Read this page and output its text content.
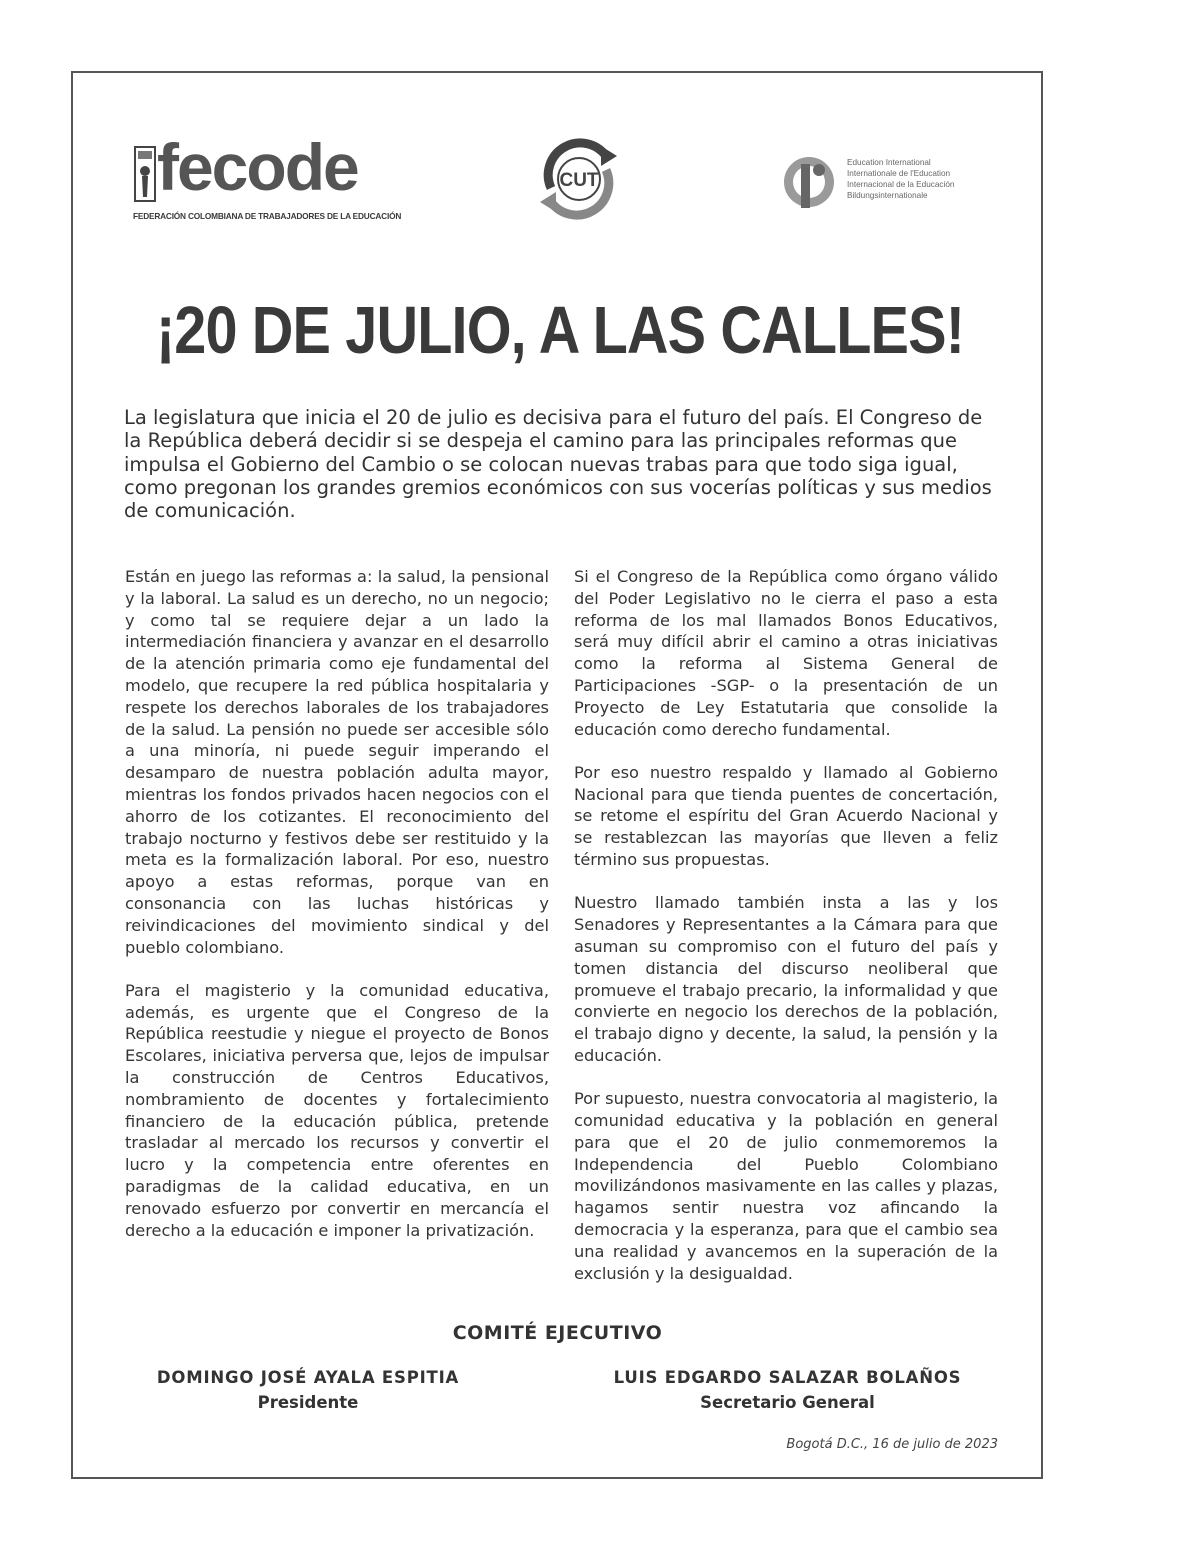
fecode
FEDERACIÓN COLOMBIANA DE TRABAJADORES DE LA EDUCACIÓN
CUT
Education International
Internationale de l'Education
Internacional de la Educación
Bildungsinternationale
¡20 DE JULIO, A LAS CALLES!

La legislatura que inicia el 20 de julio es decisiva para el futuro del país. El Congreso de la República deberá decidir si se despeja el camino para las principales reformas que impulsa el Gobierno del Cambio o se colocan nuevas trabas para que todo siga igual, como pregonan los grandes gremios económicos con sus vocerías políticas y sus medios de comunicación.

Están en juego las reformas a: la salud, la pensional y la laboral. La salud es un derecho, no un negocio; y como tal se requiere dejar a un lado la intermediación financiera y avanzar en el desarrollo de la atención primaria como eje fundamental del modelo, que recupere la red pública hospitalaria y respete los derechos laborales de los trabajadores de la salud. La pensión no puede ser accesible sólo a una minoría, ni puede seguir imperando el desamparo de nuestra población adulta mayor, mientras los fondos privados hacen negocios con el ahorro de los cotizantes. El reconocimiento del trabajo nocturno y festivos debe ser restituido y la meta es la formalización laboral. Por eso, nuestro apoyo a estas reformas, porque van en consonancia con las luchas históricas y reivindicaciones del movimiento sindical y del pueblo colombiano.

Para el magisterio y la comunidad educativa, además, es urgente que el Congreso de la República reestudie y niegue el proyecto de Bonos Escolares, iniciativa perversa que, lejos de impulsar la construcción de Centros Educativos, nombramiento de docentes y fortalecimiento financiero de la educación pública, pretende trasladar al mercado los recursos y convertir el lucro y la competencia entre oferentes en paradigmas de la calidad educativa, en un renovado esfuerzo por convertir en mercancía el derecho a la educación e imponer la privatización.

Si el Congreso de la República como órgano válido del Poder Legislativo no le cierra el paso a esta reforma de los mal llamados Bonos Educativos, será muy difícil abrir el camino a otras iniciativas como la reforma al Sistema General de Participaciones -SGP- o la presentación de un Proyecto de Ley Estatutaria que consolide la educación como derecho fundamental.

Por eso nuestro respaldo y llamado al Gobierno Nacional para que tienda puentes de concertación, se retome el espíritu del Gran Acuerdo Nacional y se restablezcan las mayorías que lleven a feliz término sus propuestas.

Nuestro llamado también insta a las y los Senadores y Representantes a la Cámara para que asuman su compromiso con el futuro del país y tomen distancia del discurso neoliberal que promueve el trabajo precario, la informalidad y que convierte en negocio los derechos de la población, el trabajo digno y decente, la salud, la pensión y la educación.

Por supuesto, nuestra convocatoria al magisterio, la comunidad educativa y la población en general para que el 20 de julio conmemoremos la Independencia del Pueblo Colombiano movilizándonos masivamente en las calles y plazas, hagamos sentir nuestra voz afincando la democracia y la esperanza, para que el cambio sea una realidad y avancemos en la superación de la exclusión y la desigualdad.

COMITÉ EJECUTIVO
DOMINGO JOSÉ AYALA ESPITIA
Presidente
LUIS EDGARDO SALAZAR BOLAÑOS
Secretario General
Bogotá D.C., 16 de julio de 2023
